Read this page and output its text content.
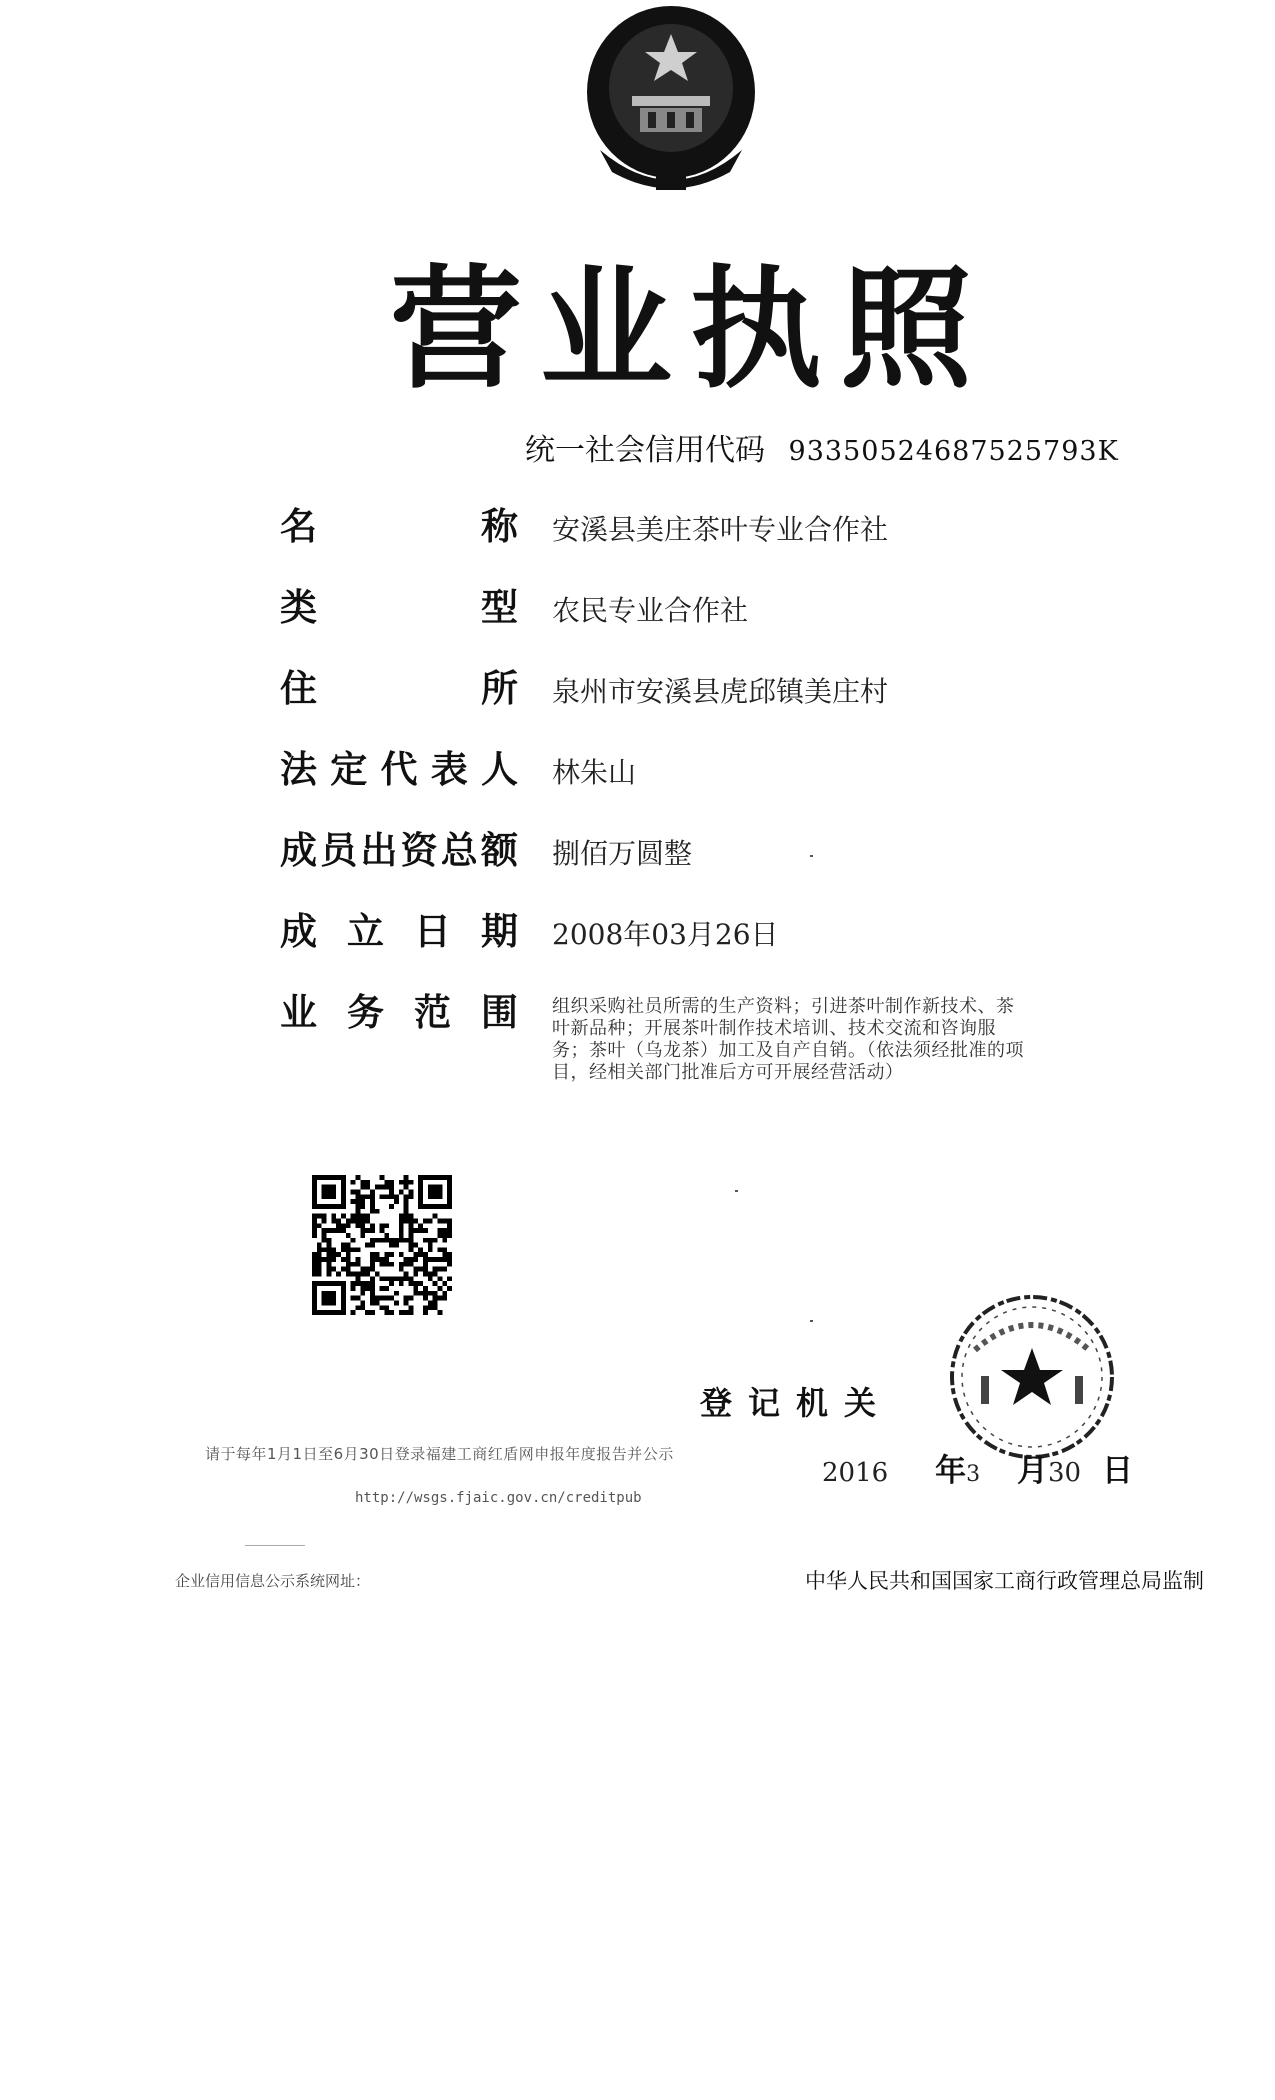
营业执照
统一社会信用代码 93350524687525793K
名称 安溪县美庄茶叶专业合作社
类型 农民专业合作社
住所 泉州市安溪县虎邱镇美庄村
法定代表人 林朱山
成员出资总额 捌佰万圆整
成立日期 2008年03月26日
业务范围 组织采购社员所需的生产资料；引进茶叶制作新技术、茶叶新品种；开展茶叶制作技术培训、技术交流和咨询服务；茶叶（乌龙茶）加工及自产自销。（依法须经批准的项目，经相关部门批准后方可开展经营活动）
登记机关
请于每年1月1日至6月30日登录福建工商红盾网申报年度报告并公示
2016 年3 月30 日
http://wsgs.fjaic.gov.cn/creditpub
企业信用信息公示系统网址：	中华人民共和国国家工商行政管理总局监制
